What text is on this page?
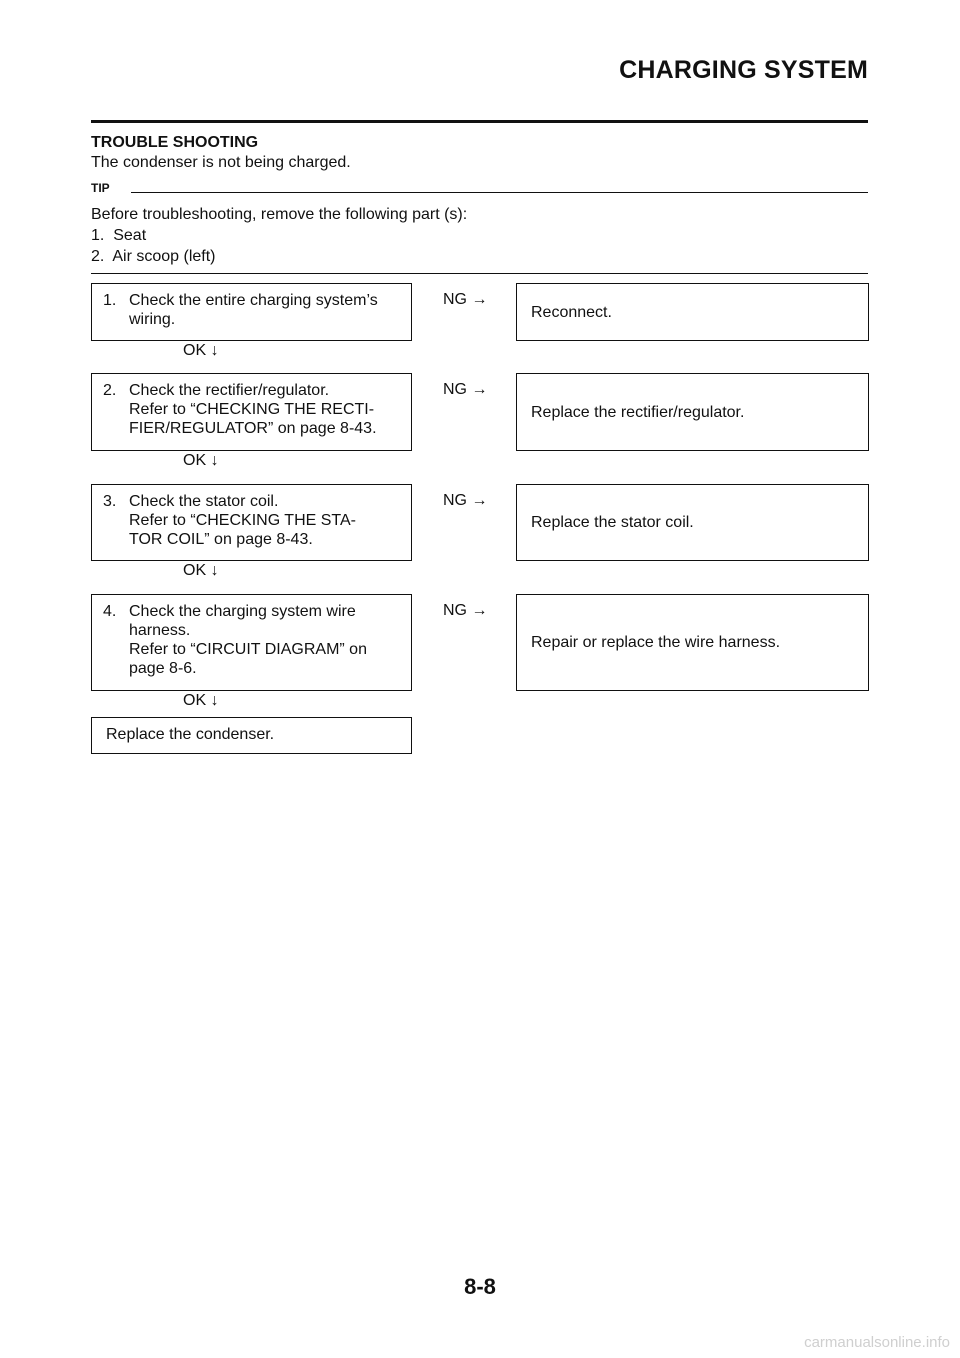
CHARGING SYSTEM
TROUBLE SHOOTING
The condenser is not being charged.
TIP
Before troubleshooting, remove the following part (s):
1.  Seat
2.  Air scoop (left)
1. Check the entire charging system’s
wiring.
NG →
Reconnect.
OK ↓
2. Check the rectifier/regulator.
Refer to “CHECKING THE RECTI-
FIER/REGULATOR” on page 8-43.
NG →
Replace the rectifier/regulator.
OK ↓
3. Check the stator coil.
Refer to “CHECKING THE STA-
TOR COIL” on page 8-43.
NG →
Replace the stator coil.
OK ↓
4. Check the charging system wire
harness.
Refer to “CIRCUIT DIAGRAM” on
page 8-6.
NG →
Repair or replace the wire harness.
OK ↓
Replace the condenser.
8-8
carmanualsonline.info
